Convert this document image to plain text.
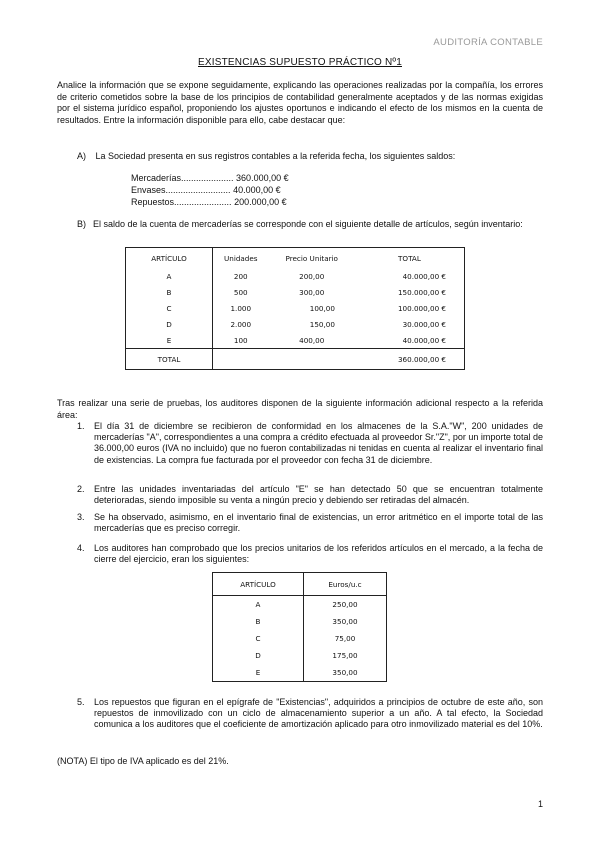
AUDITORÍA CONTABLE
EXISTENCIAS SUPUESTO PRÁCTICO Nº1
Analice la información que se expone seguidamente, explicando las operaciones realizadas por la compañía, los errores de criterio cometidos sobre la base de los principios de contabilidad generalmente aceptados y de las normas exigidas por el sistema jurídico español, proponiendo los ajustes oportunos e indicando el efecto de los mismos en la cuenta de resultados. Entre la información disponible para ello, cabe destacar que:
A) La Sociedad presenta en sus registros contables a la referida fecha, los siguientes saldos:
Mercaderías..................... 360.000,00 €
Envases.......................... 40.000,00 €
Repuestos....................... 200.000,00 €
B) El saldo de la cuenta de mercaderías se corresponde con el siguiente detalle de artículos, según inventario:
ARTÍCULO	Unidades	Precio Unitario	TOTAL
A	200	200,00	40.000,00 €
B	500	300,00	150.000,00 €
C	1.000	100,00	100.000,00 €
D	2.000	150,00	30.000,00 €
E	100	400,00	40.000,00 €
TOTAL			360.000,00 €
Tras realizar una serie de pruebas, los auditores disponen de la siguiente información adicional respecto a la referida área:
1. El día 31 de diciembre se recibieron de conformidad en los almacenes de la S.A."W", 200 unidades de mercaderías "A", correspondientes a una compra a crédito efectuada al proveedor Sr."Z", por un importe total de 36.000,00 euros (IVA no incluido) que no fueron contabilizadas ni tenidas en cuenta al realizar el inventario final de existencias. La compra fue facturada por el proveedor con fecha 31 de diciembre.
2. Entre las unidades inventariadas del artículo "E" se han detectado 50 que se encuentran totalmente deterioradas, siendo imposible su venta a ningún precio y debiendo ser retiradas del almacén.
3. Se ha observado, asimismo, en el inventario final de existencias, un error aritmético en el importe total de las mercaderías que es preciso corregir.
4. Los auditores han comprobado que los precios unitarios de los referidos artículos en el mercado, a la fecha de cierre del ejercicio, eran los siguientes:
ARTÍCULO	Euros/u.c
A	250,00
B	350,00
C	75,00
D	175,00
E	350,00
5. Los repuestos que figuran en el epígrafe de "Existencias", adquiridos a principios de octubre de este año, son repuestos de inmovilizado con un ciclo de almacenamiento superior a un año. A tal efecto, la Sociedad comunica a los auditores que el coeficiente de amortización aplicado para otro inmovilizado material es del 10%.
(NOTA) El tipo de IVA aplicado es del 21%.
1
